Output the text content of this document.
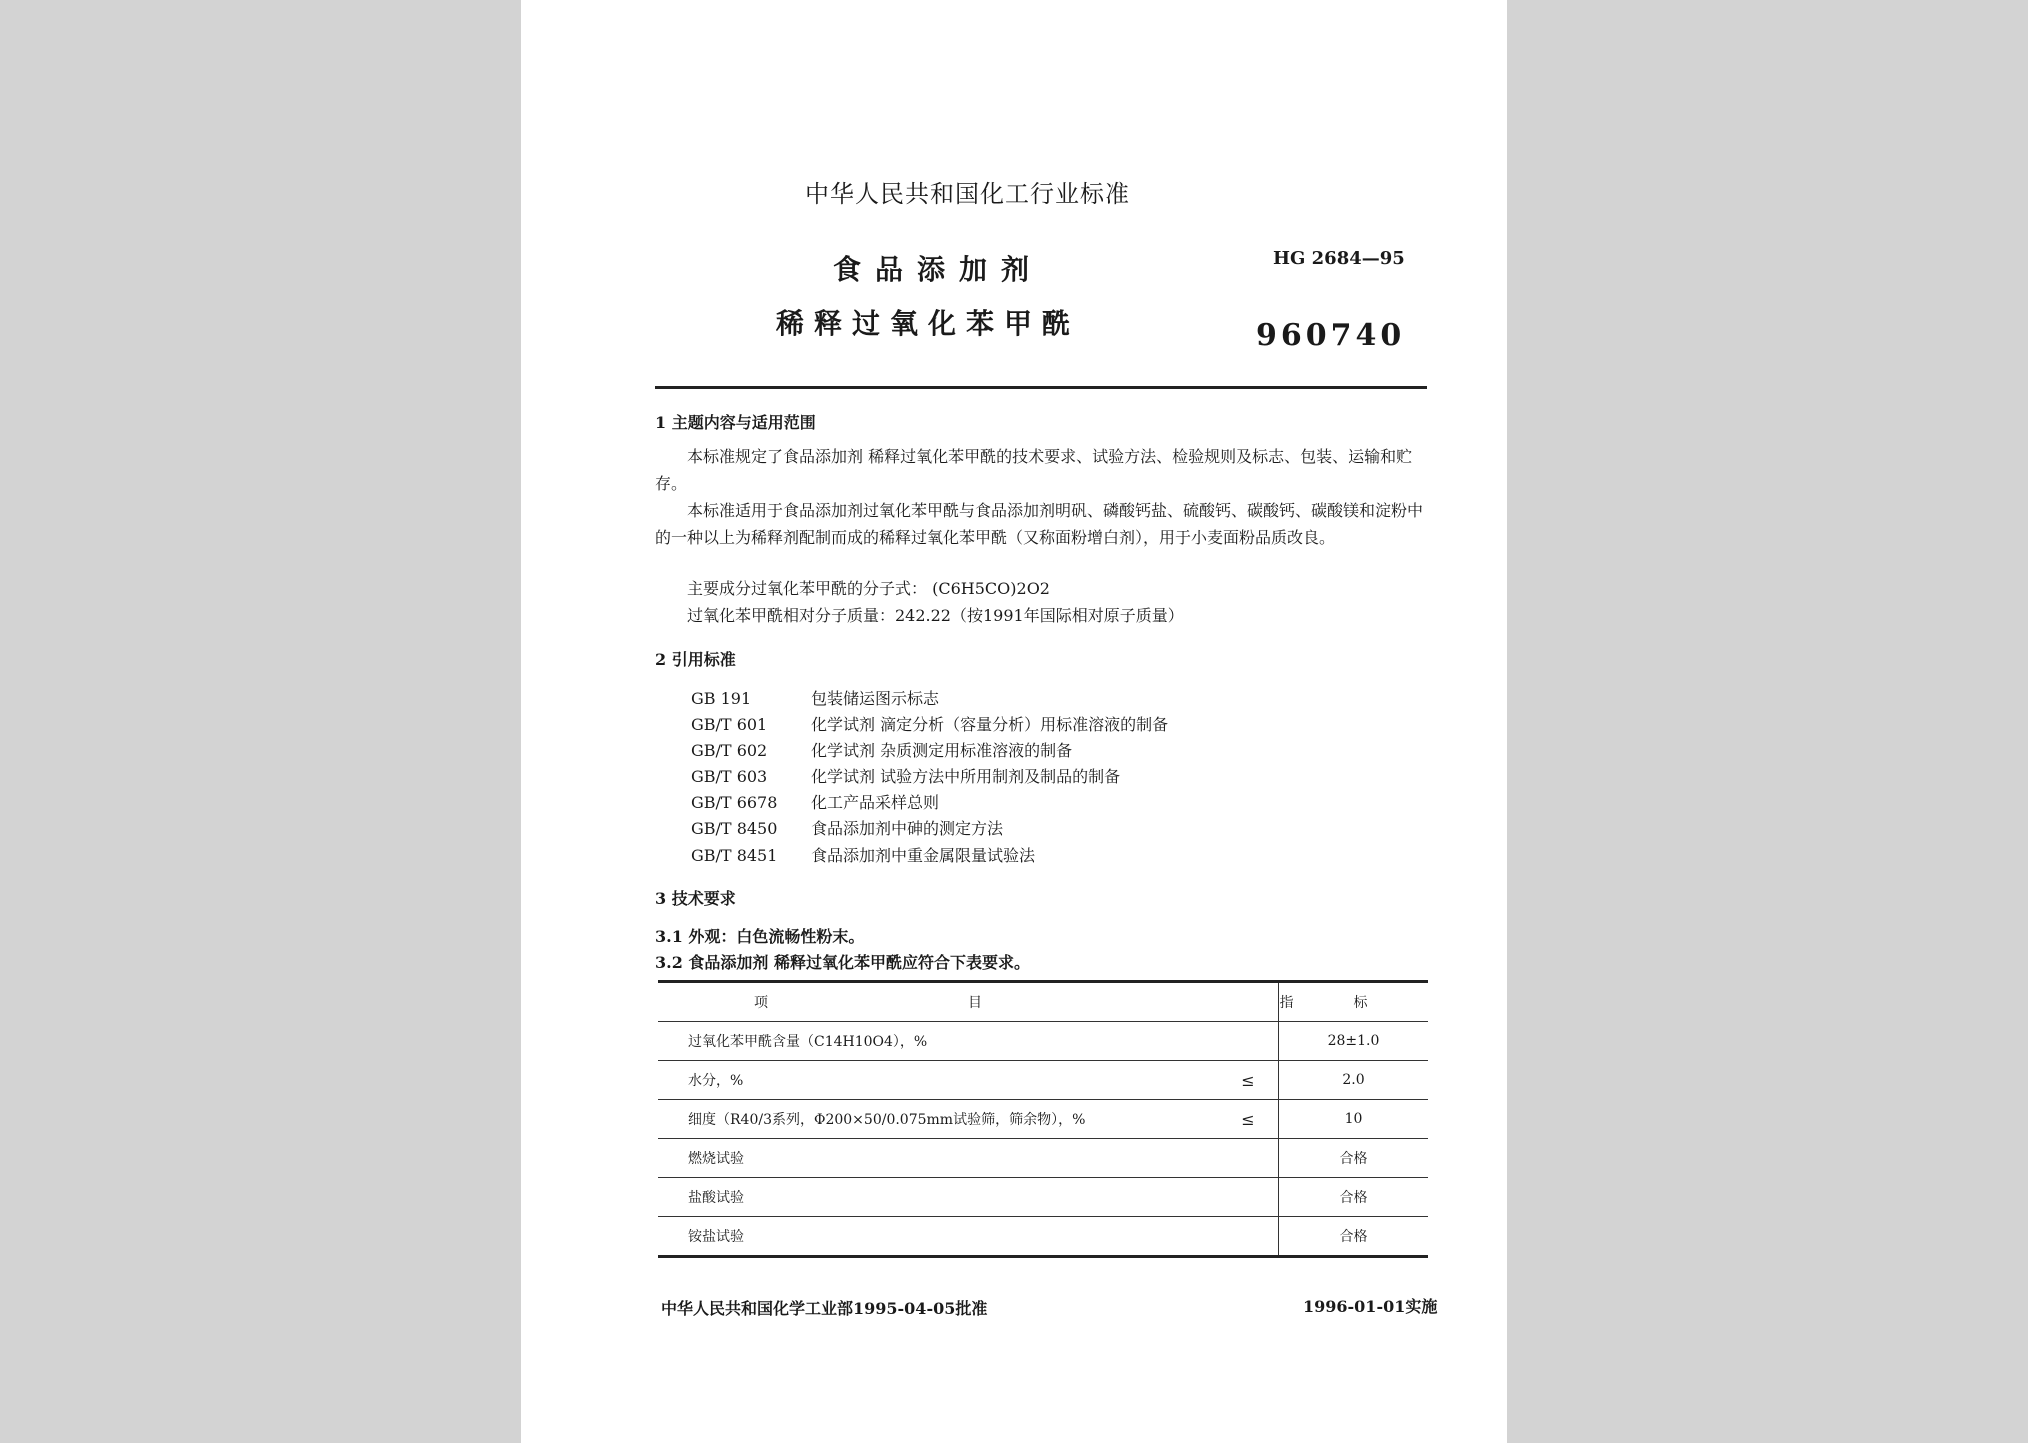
中华人民共和国化工行业标准
食品添加剂
稀释过氧化苯甲酰
HG 2684—95
960740
1 主题内容与适用范围
本标准规定了食品添加剂 稀释过氧化苯甲酰的技术要求、试验方法、检验规则及标志、包装、运输和贮存。
本标准适用于食品添加剂过氧化苯甲酰与食品添加剂明矾、磷酸钙盐、硫酸钙、碳酸钙、碳酸镁和淀粉中的一种以上为稀释剂配制而成的稀释过氧化苯甲酰（又称面粉增白剂），用于小麦面粉品质改良。
主要成分过氧化苯甲酰的分子式： (C6H5CO)2O2
过氧化苯甲酰相对分子质量：242.22（按1991年国际相对原子质量）
2 引用标准
GB 191	包装储运图示标志
GB/T 601	化学试剂 滴定分析（容量分析）用标准溶液的制备
GB/T 602	化学试剂 杂质测定用标准溶液的制备
GB/T 603	化学试剂 试验方法中所用制剂及制品的制备
GB/T 6678 化工产品采样总则
GB/T 8450 食品添加剂中砷的测定方法
GB/T 8451 食品添加剂中重金属限量试验法
3 技术要求
3.1 外观：白色流畅性粉末。
3.2 食品添加剂 稀释过氧化苯甲酰应符合下表要求。
项目		指标
过氧化苯甲酰含量（C14H10O4），%		28±1.0
水分，%	≤	2.0
细度（R40/3系列，Φ200×50/0.075mm试验筛，筛余物），%	≤	10
燃烧试验		合格
盐酸试验		合格
铵盐试验		合格
中华人民共和国化学工业部1995-04-05批准	1996-01-01实施
